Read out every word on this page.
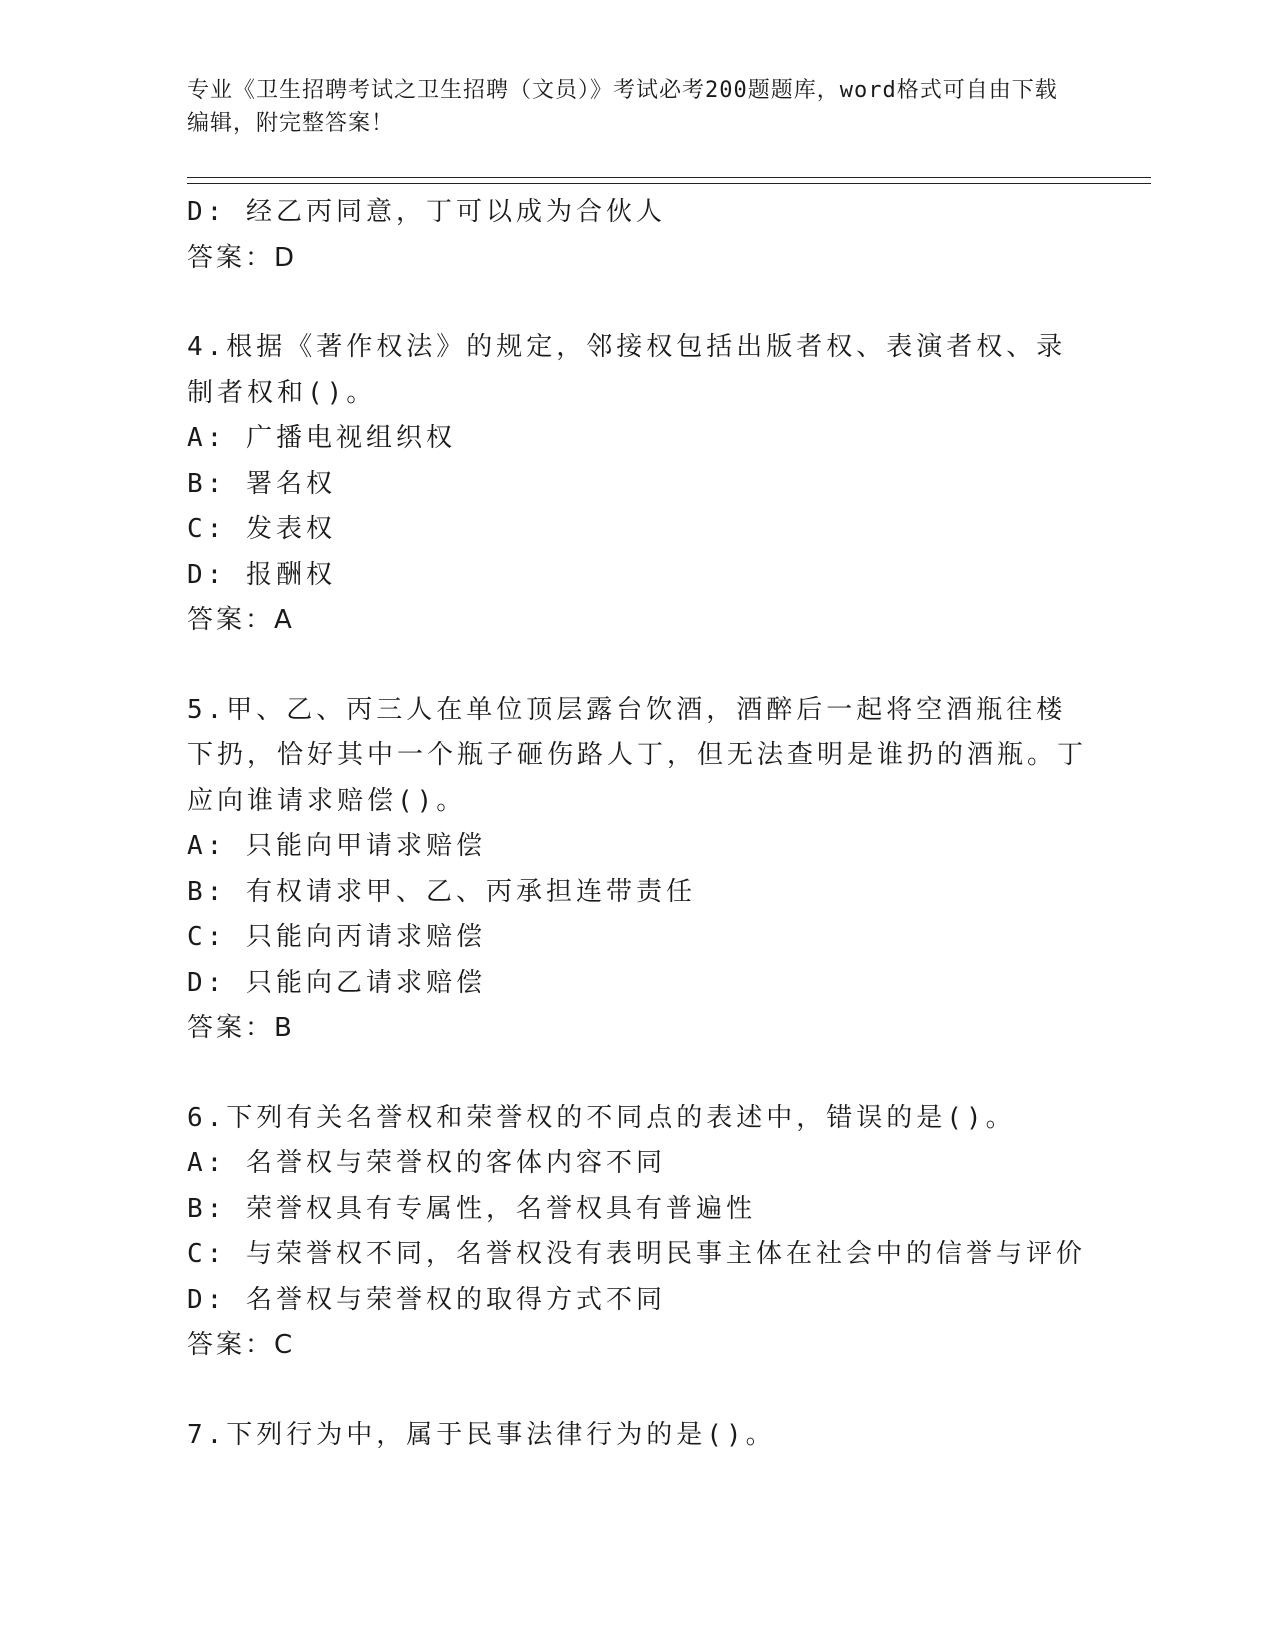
专业《卫生招聘考试之卫生招聘（文员）》考试必考200题题库，word格式可自由下载编辑，附完整答案！
D: 经乙丙同意，丁可以成为合伙人
答案：D
4.根据《著作权法》的规定，邻接权包括出版者权、表演者权、录制者权和()。
A: 广播电视组织权
B: 署名权
C: 发表权
D: 报酬权
答案：A
5.甲、乙、丙三人在单位顶层露台饮酒，酒醉后一起将空酒瓶往楼下扔，恰好其中一个瓶子砸伤路人丁，但无法查明是谁扔的酒瓶。丁应向谁请求赔偿()。
A: 只能向甲请求赔偿
B: 有权请求甲、乙、丙承担连带责任
C: 只能向丙请求赔偿
D: 只能向乙请求赔偿
答案：B
6.下列有关名誉权和荣誉权的不同点的表述中，错误的是()。
A: 名誉权与荣誉权的客体内容不同
B: 荣誉权具有专属性，名誉权具有普遍性
C: 与荣誉权不同，名誉权没有表明民事主体在社会中的信誉与评价
D: 名誉权与荣誉权的取得方式不同
答案：C
7.下列行为中，属于民事法律行为的是()。
